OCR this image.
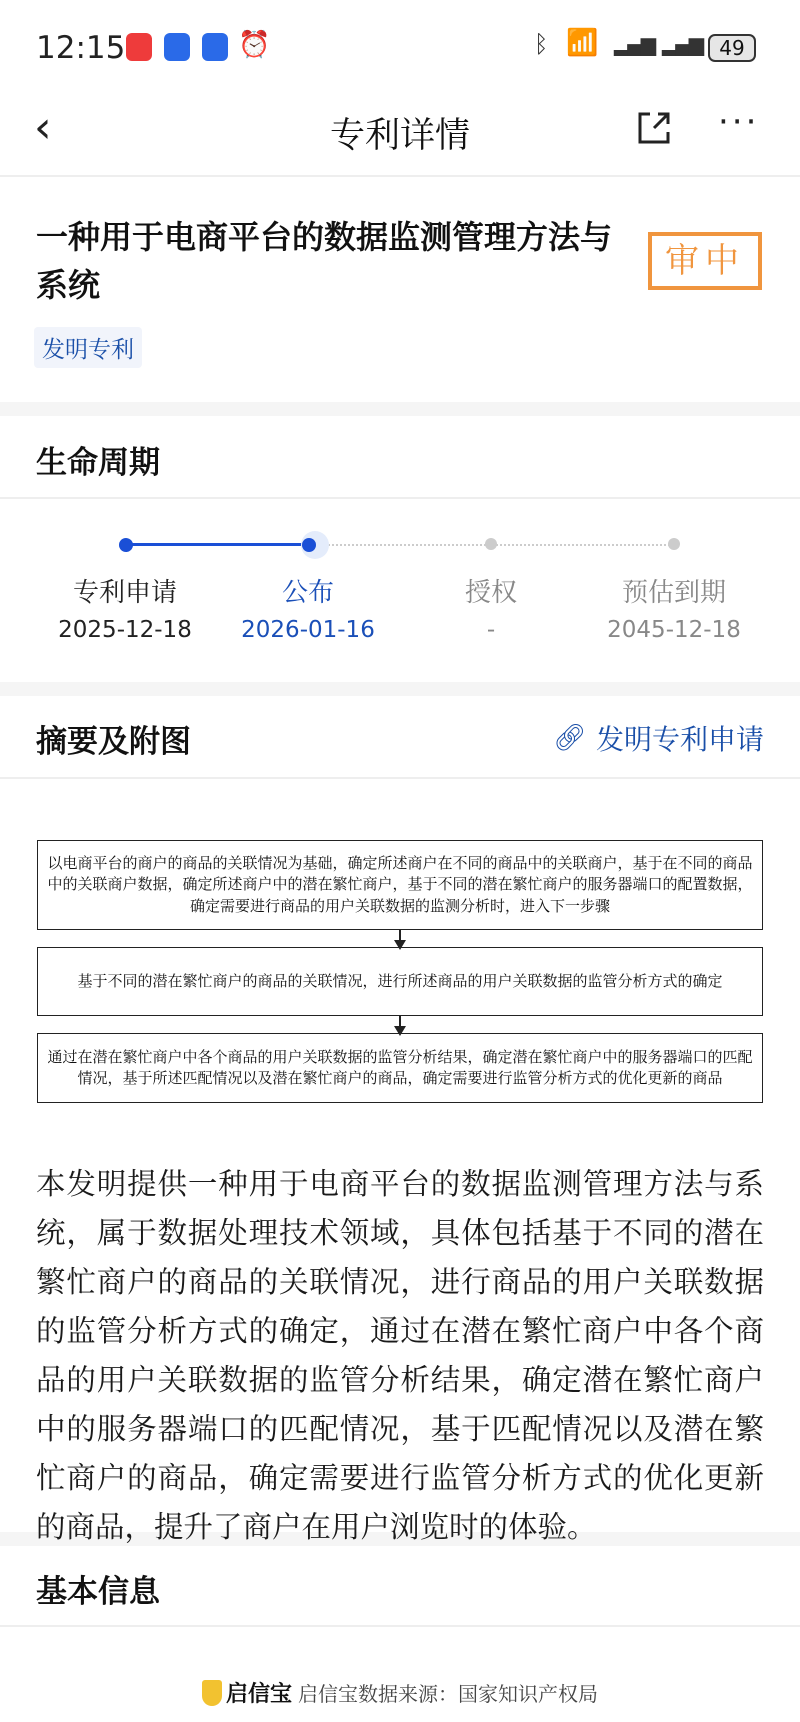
12:15	⏰	ᛒ 📶 ▂▄▆ ▂▄▆ 49
‹	专利详情	···
一种用于电商平台的数据监测管理方法与系统
审中
发明专利
生命周期
专利申请	公布	授权	预估到期
2025-12-18	2026-01-16	-	2045-12-18
摘要及附图	🔗︎ 发明专利申请
以电商平台的商户的商品的关联情况为基础，确定所述商户在不同的商品中的关联商户，基于在不同的商品中的关联商户数据，确定所述商户中的潜在繁忙商户，基于不同的潜在繁忙商户的服务器端口的配置数据，确定需要进行商品的用户关联数据的监测分析时，进入下一步骤
基于不同的潜在繁忙商户的商品的关联情况，进行所述商品的用户关联数据的监管分析方式的确定
通过在潜在繁忙商户中各个商品的用户关联数据的监管分析结果，确定潜在繁忙商户中的服务器端口的匹配情况，基于所述匹配情况以及潜在繁忙商户的商品，确定需要进行监管分析方式的优化更新的商品
本发明提供一种用于电商平台的数据监测管理方法与系统，属于数据处理技术领域，具体包括基于不同的潜在繁忙商户的商品的关联情况，进行商品的用户关联数据的监管分析方式的确定，通过在潜在繁忙商户中各个商品的用户关联数据的监管分析结果，确定潜在繁忙商户中的服务器端口的匹配情况，基于匹配情况以及潜在繁忙商户的商品，确定需要进行监管分析方式的优化更新的商品，提升了商户在用户浏览时的体验。
基本信息
启信宝 启信宝数据来源：国家知识产权局
